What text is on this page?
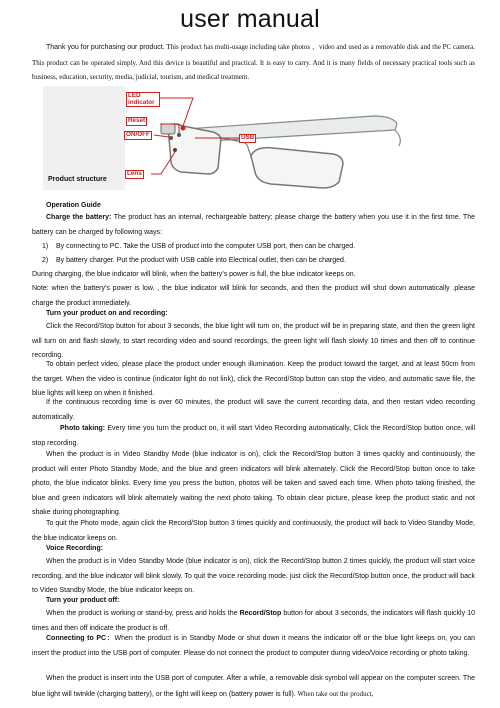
user manual

Thank you for purchasing our product. This product has multi-usage including take photos 、video and used as a removable disk and the PC camera. This product can be operated simply. And this device is beautiful and practical. It is easy to carry. And it is many fields of necessary practical tools such as business, education, security, media, judicial, tourism, and medical treatment.

LED indicator
Reset
ON/OFF	USB
Lens
Product structure

Operation Guide

Charge the battery: The product has an internal, rechargeable battery; please charge the battery when you use it in the first time. The battery can be charged by following ways:

1)    By connecting to PC. Take the USB of product into the computer USB port, then can be charged.

2)    By battery charger. Put the product with USB cable into Electrical outlet, then can be charged.

During charging, the blue indicator will blink, when the battery’s power is full, the blue indicator keeps on.

Note: when the battery’s power is low. , the blue indicator will blink for seconds, and then the product will shut down automatically .please charge the product immediately.

Turn your product on and recording:

Click the Record/Stop button for about 3 seconds, the blue light will turn on, the product will be in preparing state, and then the green light will turn on and flash slowly, to start recording video and sound recordings, the green light will flash slowly 10 times and then off to continue recording.

To obtain perfect video, please place the product under enough illumination. Keep the product toward the target, and at least 50cm from the target. When the video is continue (indicator light do not link), click the Record/Stop button can stop the video, and automatic save file, the blue lights will keep on when it finished.

If the continuous recording time is over 60 minutes, the product will save the current recording data, and then restart video recording automatically.

Photo taking: Every time you turn the product on, it will start Video Recording automatically, Click the Record/Stop button once, will stop recording.

When the product is in Video Standby Mode (blue indicator is on), click the Record/Stop button 3 times quickly and continuously, the product will enter Photo Standby Mode, and the blue and green indicators will blink alternately. Click the Record/Stop button once to take photo, the blue indicator blinks. Every time you press the button, photos will be taken and saved each time. When photo taking finished, the blue and green indicators will blink alternately waiting the next photo taking. To obtain clear picture, please keep the product static and not shake during photographing.

To quit the Photo mode, again click the Record/Stop button 3 times quickly and continuously, the product will back to Video Standby Mode, the blue indicator keeps on.

Voice Recording:

When the product is in Video Standby Mode (blue indicator is on), click the Record/Stop button 2 times quickly, the product will start voice recording, and the blue indicator will blink slowly. To quit the voice recording mode, just click the Record/Stop button once, the product will back to Video Standby Mode, the blue indicator keeps on.

Turn your product off:

When the product is working or stand-by, press and holds the Record/Stop button for about 3 seconds, the indicators will flash quickly 10 times and then off indicate the product is off.

Connecting to PC：When the product is in Standby Mode or shut down it means the indicator off or the blue light keeps on, you can insert the product into the USB port of computer. Please do not connect the product to computer during video/Voice recording or photo taking.

When the product is insert into the USB port of computer. After a while, a removable disk symbol will appear on the computer screen. The blue light will twinkle (charging battery), or the light will keep on (battery power is full). When take out the product,
